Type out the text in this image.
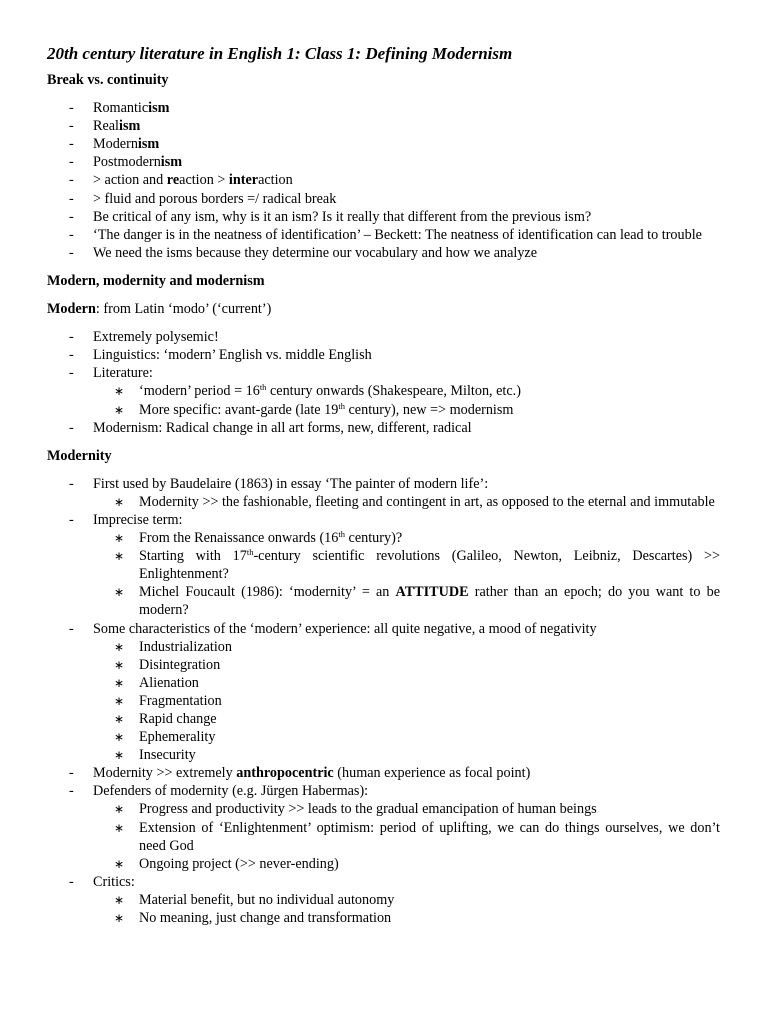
20th century literature in English 1: Class 1: Defining Modernism
Break vs. continuity
- Romanticism
- Realism
- Modernism
- Postmodernism
- > action and reaction > interaction
- > fluid and porous borders =/ radical break
- Be critical of any ism, why is it an ism? Is it really that different from the previous ism?
- ‘The danger is in the neatness of identification’ – Beckett: The neatness of identification can lead to trouble
- We need the isms because they determine our vocabulary and how we analyze
Modern, modernity and modernism
Modern: from Latin ‘modo’ (‘current’)
- Extremely polysemic!
- Linguistics: ‘modern’ English vs. middle English
- Literature:
∗ ‘modern’ period = 16th century onwards (Shakespeare, Milton, etc.)
∗ More specific: avant-garde (late 19th century), new => modernism
- Modernism: Radical change in all art forms, new, different, radical
Modernity
- First used by Baudelaire (1863) in essay ‘The painter of modern life’:
∗ Modernity >> the fashionable, fleeting and contingent in art, as opposed to the eternal and immutable
- Imprecise term:
∗ From the Renaissance onwards (16th century)?
∗ Starting with 17th-century scientific revolutions (Galileo, Newton, Leibniz, Descartes) >> Enlightenment?
∗ Michel Foucault (1986): ‘modernity’ = an ATTITUDE rather than an epoch; do you want to be modern?
- Some characteristics of the ‘modern’ experience: all quite negative, a mood of negativity
∗ Industrialization
∗ Disintegration
∗ Alienation
∗ Fragmentation
∗ Rapid change
∗ Ephemerality
∗ Insecurity
- Modernity >> extremely anthropocentric (human experience as focal point)
- Defenders of modernity (e.g. Jürgen Habermas):
∗ Progress and productivity >> leads to the gradual emancipation of human beings
∗ Extension of ‘Enlightenment’ optimism: period of uplifting, we can do things ourselves, we don’t need God
∗ Ongoing project (>> never-ending)
- Critics:
∗ Material benefit, but no individual autonomy
∗ No meaning, just change and transformation
